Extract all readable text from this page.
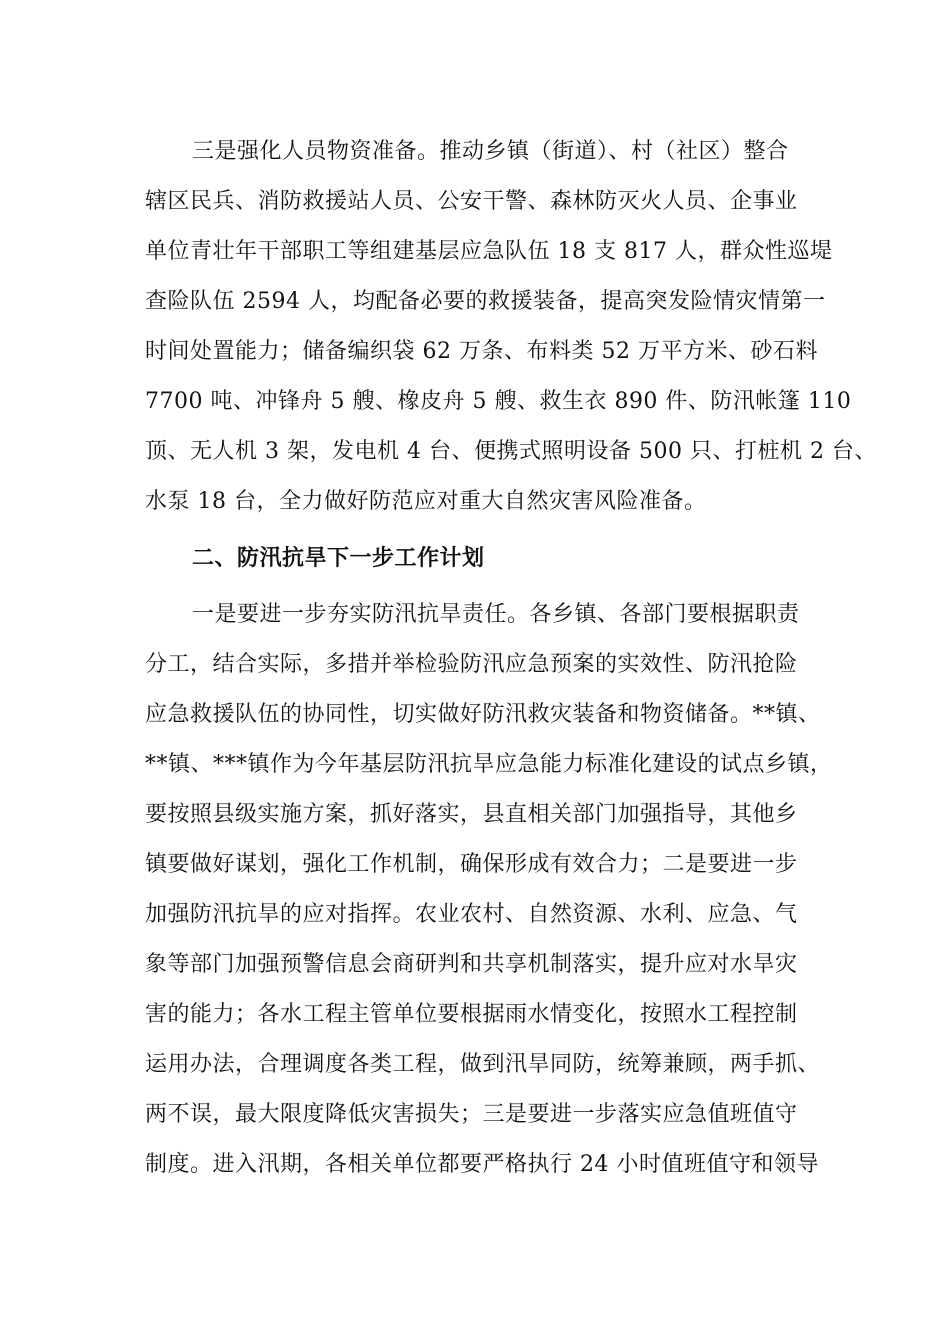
三是强化人员物资准备。推动乡镇（街道）、村（社区）整合
辖区民兵、消防救援站人员、公安干警、森林防灭火人员、企事业
单位青壮年干部职工等组建基层应急队伍 18 支 817 人，群众性巡堤
查险队伍 2594 人，均配备必要的救援装备，提高突发险情灾情第一
时间处置能力；储备编织袋 62 万条、布料类 52 万平方米、砂石料
7700 吨、冲锋舟 5 艘、橡皮舟 5 艘、救生衣 890 件、防汛帐篷 110
顶、无人机 3 架，发电机 4 台、便携式照明设备 500 只、打桩机 2 台、
水泵 18 台，全力做好防范应对重大自然灾害风险准备。
二、防汛抗旱下一步工作计划
一是要进一步夯实防汛抗旱责任。各乡镇、各部门要根据职责
分工，结合实际，多措并举检验防汛应急预案的实效性、防汛抢险
应急救援队伍的协同性，切实做好防汛救灾装备和物资储备。**镇、
**镇、***镇作为今年基层防汛抗旱应急能力标准化建设的试点乡镇，
要按照县级实施方案，抓好落实，县直相关部门加强指导，其他乡
镇要做好谋划，强化工作机制，确保形成有效合力；二是要进一步
加强防汛抗旱的应对指挥。农业农村、自然资源、水利、应急、气
象等部门加强预警信息会商研判和共享机制落实，提升应对水旱灾
害的能力；各水工程主管单位要根据雨水情变化，按照水工程控制
运用办法，合理调度各类工程，做到汛旱同防，统筹兼顾，两手抓、
两不误，最大限度降低灾害损失；三是要进一步落实应急值班值守
制度。进入汛期，各相关单位都要严格执行 24 小时值班值守和领导
